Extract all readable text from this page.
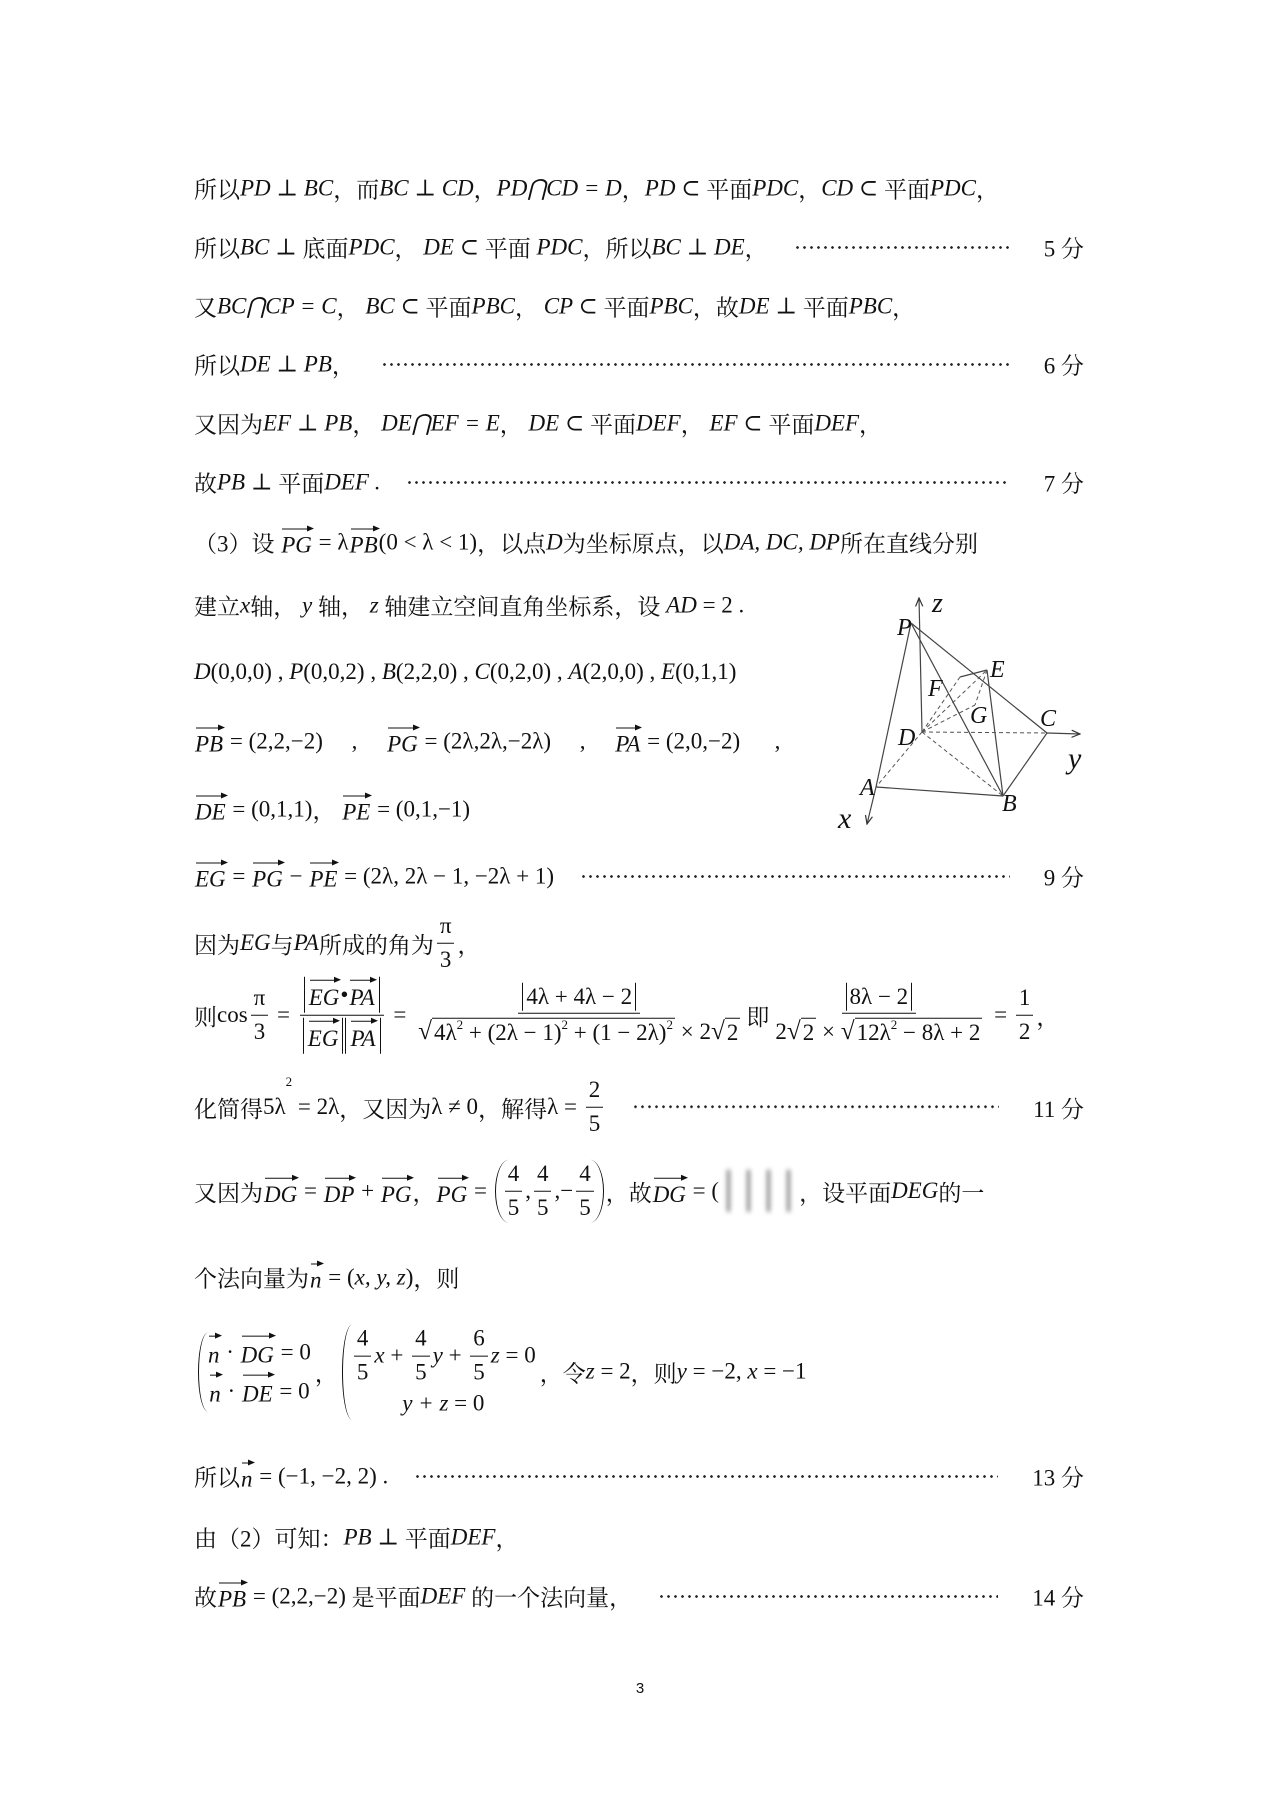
所以 PD ⊥ BC ，而 BC ⊥ CD ， PD⋂CD = D ， PD ⊂ 平面 PDC ， CD ⊂ 平面 PDC ，
所以 BC ⊥ 底面 PDC ， DE ⊂ 平面 PDC ，所以 BC ⊥ DE ，	5 分
又 BC⋂CP = C ， BC ⊂ 平面 PBC ， CP ⊂ 平面 PBC ，故 DE ⊥ 平面 PBC ，
所以 DE ⊥ PB ，	6 分
又因为 EF ⊥ PB ， DE⋂EF = E ， DE ⊂ 平面 DEF ， EF ⊂ 平面 DEF ，
故 PB ⊥ 平面 DEF .	7 分
（3）设 PG = λ PB (0 < λ < 1) ，以点 D 为坐标原点，以 DA, DC, DP 所在直线分别
建立 x 轴， y 轴， z 轴建立空间直角坐标系，设 AD = 2 .
D (0,0,0) , P (0,0,2) , B (2,2,0) , C (0,2,0) , A (2,0,0) , E (0,1,1)
PB = (2,2,−2)     , PG = (2λ,2λ,−2λ)     , PA = (2,0,−2)      ,
DE = (0,1,1) ， PE = (0,1,−1)
EG = PG − PE = (2λ, 2λ − 1, −2λ + 1)	9 分
因为 EG 与 PA 所成的角为 $\frac{\pi}{3}$ ，
则 $\cos \frac{\pi}{3} = \frac{EG • PA}{\text{EG PA}} = 4\lambda + 4\lambda - 2$
√ 4λ 2 + (2λ − 1) 2 + (1 − 2λ) 2 × 2 √ 2 即 $\frac{8\lambda - 2}{2 √ 2 \times √ 12\lambda 2 - 8\lambda + 2} = \frac{1}{2}$ ，
化简得 5λ
2
= 2λ ，又因为 λ ≠ 0 ，解得 $\lambda = \frac{2}{5}$	11 分
又因为 DG = DP + PG ， PG = $\frac{4}{5}$ , $\frac{4}{5}$ ,− $\frac{4}{5}$ ，故 DG = (	，设平面 DEG 的一
个法向量为 n = ( x, y, z ) ，则
n · DG = 0
n · DE = 0
， $\frac{4}{5}$ $x + \frac{4}{5}$ $y + \frac{6}{5}$ z = 0
y + z = 0
，令 z = 2 ，则 y = −2, x = −1
所以 n = (−1, −2, 2) .	13 分
由（2）可知： PB ⊥ 平面 DEF ，
故 PB = (2,2,−2) 是平面 DEF 的一个法向量，	14 分
P
z
E
F
G C
D
y
A
B
x
3
